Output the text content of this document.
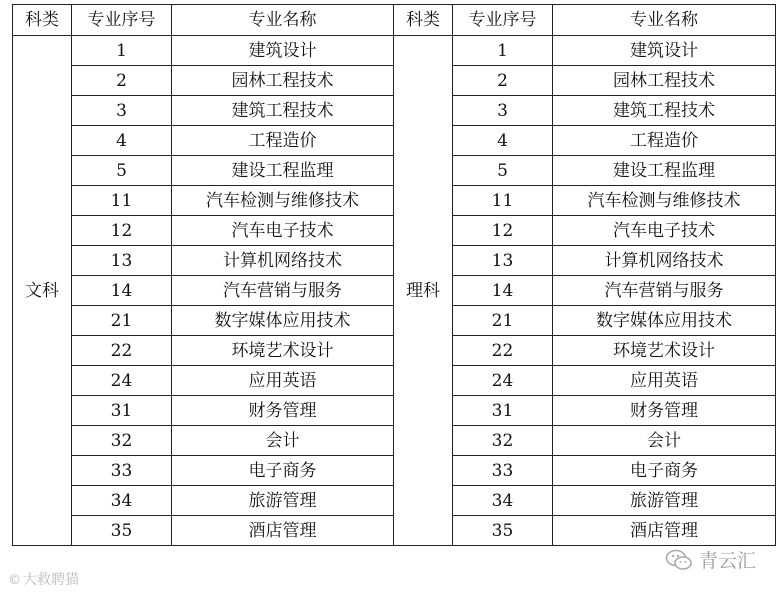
科类	专业序号	专业名称	科类	专业序号	专业名称
文科	1	建筑设计	理科	1	建筑设计
	2	园林工程技术		2	园林工程技术
	3	建筑工程技术		3	建筑工程技术
	4	工程造价		4	工程造价
	5	建设工程监理		5	建设工程监理
	11	汽车检测与维修技术		11	汽车检测与维修技术
	12	汽车电子技术		12	汽车电子技术
	13	计算机网络技术		13	计算机网络技术
	14	汽车营销与服务		14	汽车营销与服务
	21	数字媒体应用技术		21	数字媒体应用技术
	22	环境艺术设计		22	环境艺术设计
	24	应用英语		24	应用英语
	31	财务管理		31	财务管理
	32	会计		32	会计
	33	电子商务		33	电子商务
	34	旅游管理		34	旅游管理
	35	酒店管理		35	酒店管理
© 大救聘猫
青云汇
